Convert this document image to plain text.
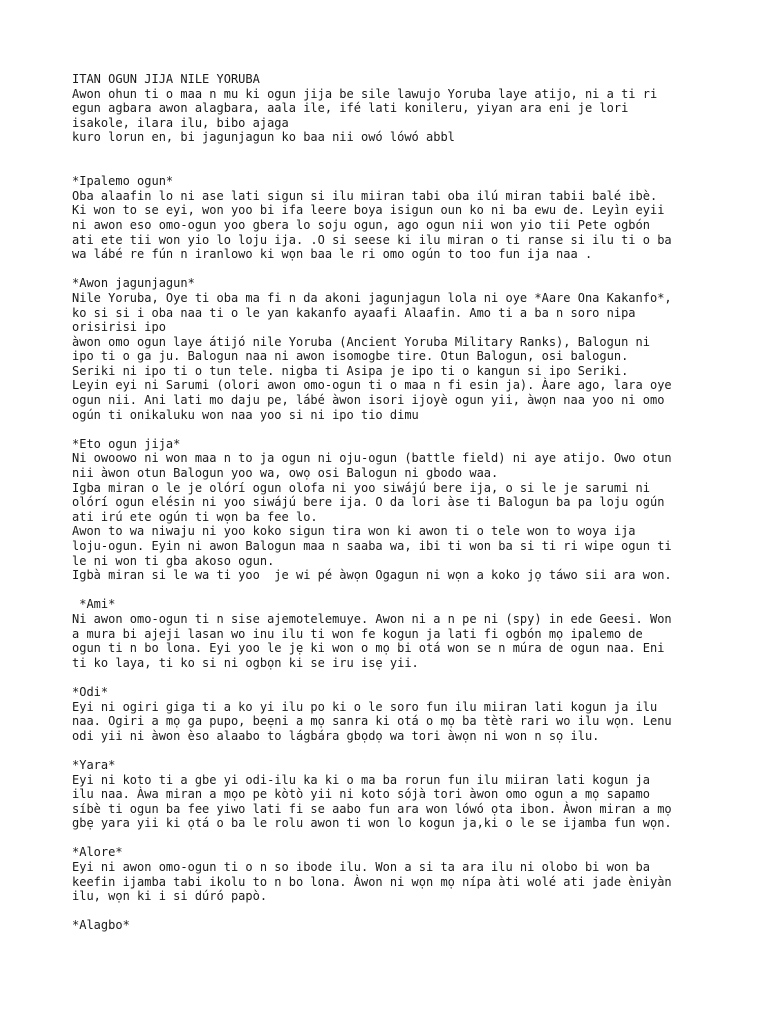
ITAN OGUN JIJA NILE YORUBA
Awon ohun ti o maa n mu ki ogun jija be sile lawujo Yoruba laye atijo, ni a ti ri
egun agbara awon alagbara, aala ile, ifé lati konileru, yiyan ara eni je lori
isakole, ilara ilu, bibo ajaga
kuro lorun en, bi jagunjagun ko baa nii owó lówó abbl
*Ipalemo ogun*
Oba alaafin lo ni ase lati sigun si ilu miiran tabi oba ilú miran tabii balé ibè.
Ki won to se eyi, won yoo bi ifa leere boya isigun oun ko ni ba ewu de. Leyìn eyii
ni awon eso omo-ogun yoo gbera lo soju ogun, ago ogun nii won yio tii Pete ogbón
ati ete tii won yio lo loju ija. .O si seese ki ilu miran o ti ranse si ilu ti o ba
wa lábé re fún n iranlowo ki wọn baa le ri omo ogún to too fun ija naa .
*Awon jagunjagun*
Nile Yoruba, Oye ti oba ma fi n da akoni jagunjagun lola ni oye *Aare Ona Kakanfo*,
ko si si i oba naa ti o le yan kakanfo ayaafi Alaafin. Amo ti a ba n soro nipa
orisirisi ipo
àwon omo ogun laye átijó nile Yoruba (Ancient Yoruba Military Ranks), Balogun ni
ipo ti o ga ju. Balogun naa ni awon isomogbe tire. Otun Balogun, osi balogun.
Seriki ni ipo ti o tun tele. nigba ti Asipa je ipo ti o kangun si ipo Seriki.
Leyin eyi ni Sarumi (olori awon omo-ogun ti o maa n fi esin ja). Àare ago, lara oye
ogun nii. Ani lati mo daju pe, lábé àwon isori ijoyè ogun yii, àwọn naa yoo ni omo
ogún ti onikaluku won naa yoo si ni ipo tio dimu
*Eto ogun jija*
Ni owoowo ni won maa n to ja ogun ni oju-ogun (battle field) ni aye atijo. Owo otun
nii àwon otun Balogun yoo wa, owọ osi Balogun ni gbodo waa.
Igba miran o le je olórí ogun olofa ni yoo siwájú bere ija, o si le je sarumi ni
olórí ogun elésin ni yoo siwájú bere ija. O da lori àse ti Balogun ba pa loju ogún
ati irú ete ogún ti wọn ba fee lo.
Awon to wa niwaju ni yoo koko sigun tira won ki awon ti o tele won to woya ija
loju-ogun. Eyin ni awon Balogun maa n saaba wa, ibi ti won ba si ti ri wipe ogun ti
le ni won ti gba akoso ogun.
Igbà miran si le wa ti yoo  je wi pé àwọn Ogagun ni wọn a koko jọ táwo sii ara won.
*Ami*
Ni awon omo-ogun ti n sise ajemotelemuye. Awon ni a n pe ni (spy) in ede Geesi. Won
a mura bi ajeji lasan wo inu ilu ti won fe kogun ja lati fi ogbón mọ ipalemo de
ogun ti n bo lona. Eyi yoo le jẹ ki won o mọ bi otá won se n múra de ogun naa. Eni
ti ko laya, ti ko si ni ogbọn ki se iru isẹ yii.
*Odi*
Eyi ni ogiri giga ti a ko yi ilu po ki o le soro fun ilu miiran lati kogun ja ilu
naa. Ogiri a mọ ga pupo, beẹni a mọ sanra ki otá o mọ ba tètè rari wo ilu wọn. Lenu
odi yii ni àwon èso alaabo to lágbára gbọdọ wa tori àwọn ni won n sọ ilu.
*Yara*
Eyi ni koto ti a gbe yi odi-ilu ka ki o ma ba rorun fun ilu miiran lati kogun ja
ilu naa. Àwa miran a mọo pe kòtò yii ni koto sójà tori àwon omo ogun a mọ sapamo
síbè ti ogun ba fee yiwo lati fi se aabo fun ara won lówó ọta ibon. Àwon miran a mọ
gbẹ yara yii ki ọtá o ba le rolu awon ti won lo kogun ja,ki o le se ijamba fun wọn.
*Alore*
Eyi ni awon omo-ogun ti o n so ibode ilu. Won a si ta ara ilu ni olobo bi won ba
keefin ijamba tabi ikolu to n bo lona. Àwon ni wọn mọ nípa àti wolé ati jade èniyàn
ilu, wọn ki i si dúró papò.
*Alagbo*
